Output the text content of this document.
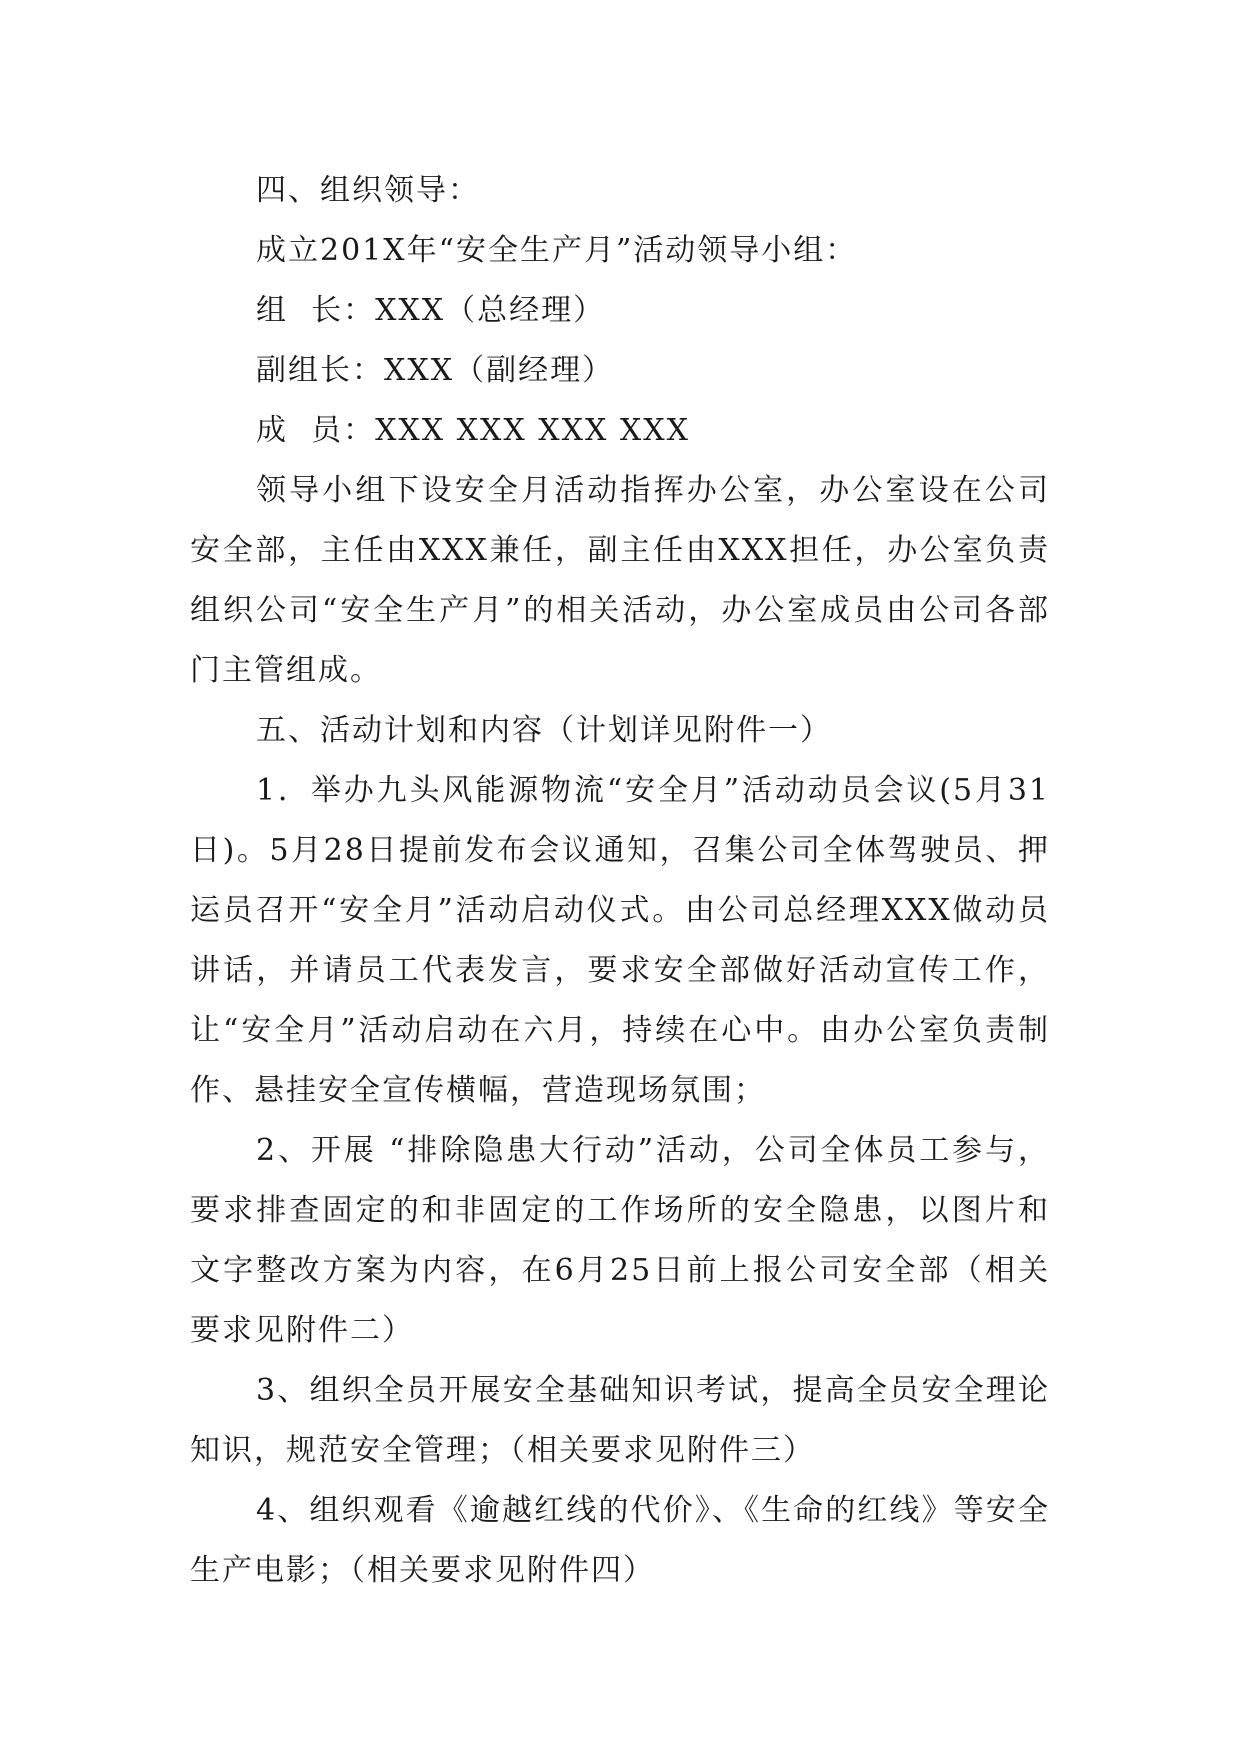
四、组织领导：
成立201X年“安全生产月”活动领导小组：
组  长：XXX（总经理）
副组长：XXX（副经理）
成  员：XXX XXX XXX XXX

领导小组下设安全月活动指挥办公室，办公室设在公司安全部，主任由XXX兼任，副主任由XXX担任，办公室负责组织公司“安全生产月”的相关活动，办公室成员由公司各部门主管组成。

五、活动计划和内容（计划详见附件一）

1．举办九头风能源物流“安全月”活动动员会议(5月31日)。5月28日提前发布会议通知，召集公司全体驾驶员、押运员召开“安全月”活动启动仪式。由公司总经理XXX做动员讲话，并请员工代表发言，要求安全部做好活动宣传工作，让“安全月”活动启动在六月，持续在心中。由办公室负责制作、悬挂安全宣传横幅，营造现场氛围；

2、开展 “排除隐患大行动”活动，公司全体员工参与，要求排查固定的和非固定的工作场所的安全隐患，以图片和文字整改方案为内容，在6月25日前上报公司安全部（相关要求见附件二）

3、组织全员开展安全基础知识考试，提高全员安全理论知识，规范安全管理；（相关要求见附件三）

4、组织观看《逾越红线的代价》、《生命的红线》等安全生产电影；（相关要求见附件四）
